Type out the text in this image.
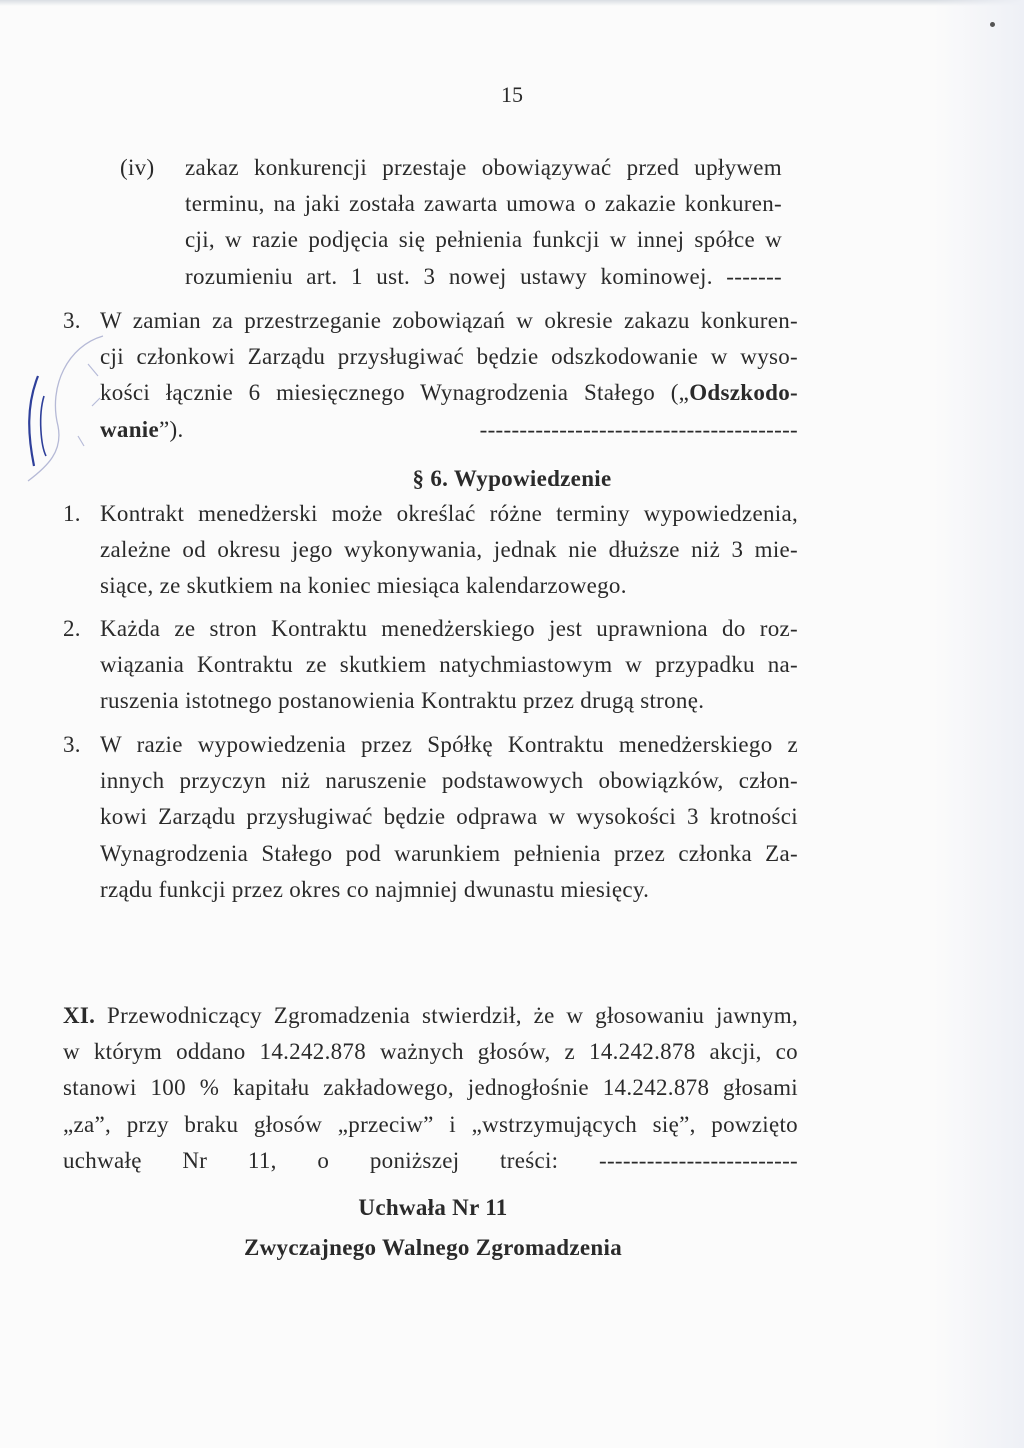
15
(iv) zakaz konkurencji przestaje obowiązywać przed upływem
terminu, na jaki została zawarta umowa o zakazie konkuren-
cji, w razie podjęcia się pełnienia funkcji w innej spółce w
rozumieniu art. 1 ust. 3 nowej ustawy kominowej. -------
3. W zamian za przestrzeganie zobowiązań w okresie zakazu konkuren-
cji członkowi Zarządu przysługiwać będzie odszkodowanie w wyso-
kości łącznie 6 miesięcznego Wynagrodzenia Stałego („Odszkodo-
wanie”). ----------------------------------------
§ 6. Wypowiedzenie
1. Kontrakt menedżerski może określać różne terminy wypowiedzenia,
zależne od okresu jego wykonywania, jednak nie dłuższe niż 3 mie-
siące, ze skutkiem na koniec miesiąca kalendarzowego.
2. Każda ze stron Kontraktu menedżerskiego jest uprawniona do roz-
wiązania Kontraktu ze skutkiem natychmiastowym w przypadku na-
ruszenia istotnego postanowienia Kontraktu przez drugą stronę.
3. W razie wypowiedzenia przez Spółkę Kontraktu menedżerskiego z
innych przyczyn niż naruszenie podstawowych obowiązków, człon-
kowi Zarządu przysługiwać będzie odprawa w wysokości 3 krotności
Wynagrodzenia Stałego pod warunkiem pełnienia przez członka Za-
rządu funkcji przez okres co najmniej dwunastu miesięcy.
XI. Przewodniczący Zgromadzenia stwierdził, że w głosowaniu jawnym,
w którym oddano 14.242.878 ważnych głosów, z 14.242.878 akcji, co
stanowi 100 % kapitału zakładowego, jednogłośnie 14.242.878 głosami
„za”, przy braku głosów „przeciw” i „wstrzymujących się”, powzięto
uchwałę Nr 11, o poniższej treści: -------------------------
Uchwała Nr 11
Zwyczajnego Walnego Zgromadzenia
